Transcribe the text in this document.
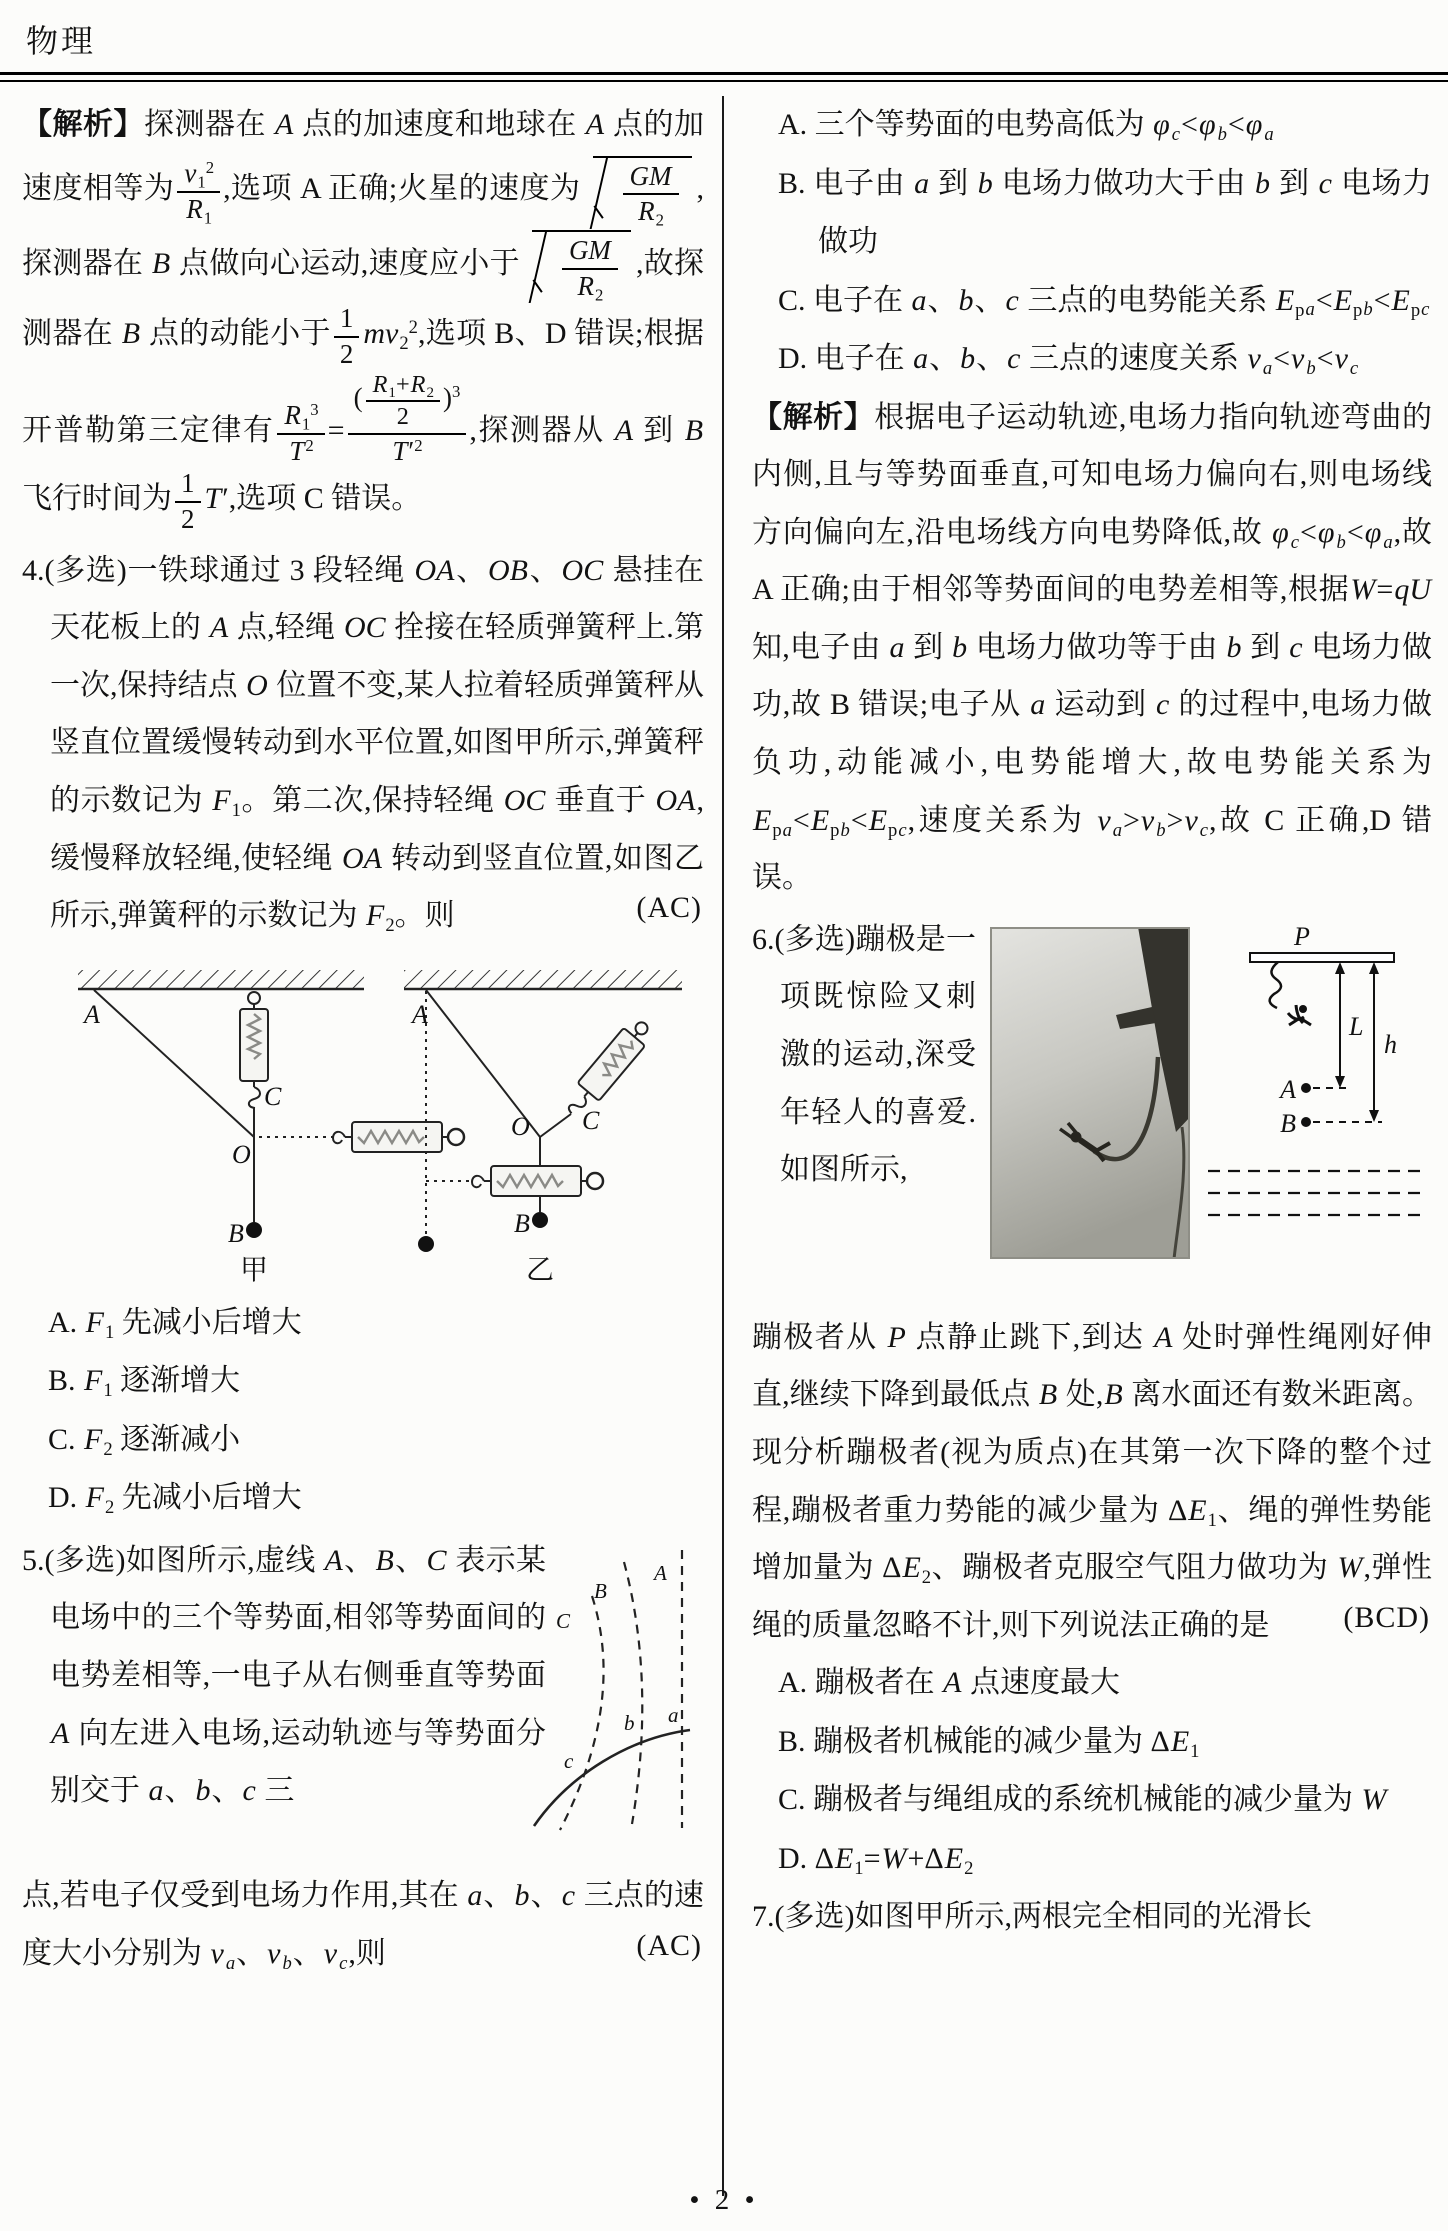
物理
【解析】探测器在 A 点的加速度和地球在 A 点的加速度相等为 $\frac{v_1^2}{R_1}$ ,选项 A 正确;火星的速度为 $\frac{GM}{R_2}$ ,探测器在 B 点做向心运动,速度应小于 $\frac{GM}{R_2}$ ,故探测器在 B 点的动能小于 $\frac{1}{2} mv_2^2$,选项 B、D 错误;根据开普勒第三定律有 $\frac{R_1^3}{T^2} = \frac{( \frac{R_1+R_2}{2} )^3}{T'^2}$ ,探测器从 A 到 B 飞行时间为 $\frac{1}{2} T'$,选项 C 错误。
4.(多选)一铁球通过 3 段轻绳 OA、OB、OC 悬挂在天花板上的 A 点,轻绳 OC 拴接在轻质弹簧秤上.第一次,保持结点 O 位置不变,某人拉着轻质弹簧秤从竖直位置缓慢转动到水平位置,如图甲所示,弹簧秤的示数记为 $F_1$。第二次,保持轻绳 OC 垂直于 OA,缓慢释放轻绳,使轻绳 OA 转动到竖直位置,如图乙所示,弹簧秤的示数记为 $F_2$。则	(AC)
A
C
O
B
甲
A
C
O
B
乙
A. $F_1$ 先减小后增大
B. $F_1$ 逐渐增大
C. $F_2$ 逐渐减小
D. $F_2$ 先减小后增大
A
B
C
a
b
c
5.(多选)如图所示,虚线 A、B、C 表示某电场中的三个等势面,相邻等势面间的电势差相等,一电子从右侧垂直等势面 A 向左进入电场,运动轨迹与等势面分别交于 a、b、c 三
点,若电子仅受到电场力作用,其在 a、b、c 三点的速度大小分别为 v $_a$、v $_b$、v $_c$,则	(AC)
A. 三个等势面的电势高低为 φ $_c$<φ $_b$<φ $_a$
B. 电子由 a 到 b 电场力做功大于由 b 到 c 电场力做功
C. 电子在 a、b、c 三点的电势能关系 $E_{pa}<E_{pb}<E_{pc}$
D. 电子在 a、b、c 三点的速度关系 v $_a$<v $_b$<v $_c$
【解析】根据电子运动轨迹,电场力指向轨迹弯曲的内侧,且与等势面垂直,可知电场力偏向右,则电场线方向偏向左,沿电场线方向电势降低,故 φ $_c$<φ $_b$<φ $_a$,故 A 正确;由于相邻等势面间的电势差相等,根据W=qU 知,电子由 a 到 b 电场力做功等于由 b 到 c 电场力做功,故 B 错误;电子从 a 运动到 c 的过程中,电场力做负功,动能减小,电势能增大,故电势能关系为$E_{pa}<E_{pb}<E_{pc}$,速度关系为 v $_a$>v $_b$>v $_c$,故 C 正确,D 错误。
P
L
h
A
B
6.(多选)蹦极是一项既惊险又刺激的运动,深受年轻人的喜爱.如图所示,
蹦极者从 P 点静止跳下,到达 A 处时弹性绳刚好伸直,继续下降到最低点 B 处,B 离水面还有数米距离。现分析蹦极者(视为质点)在其第一次下降的整个过程,蹦极者重力势能的减少量为 $\Delta E_1$、绳的弹性势能增加量为 $\Delta E_2$、蹦极者克服空气阻力做功为 W,弹性绳的质量忽略不计,则下列说法正确的是 (BCD)
A. 蹦极者在 A 点速度最大
B. 蹦极者机械能的减少量为 $\Delta E_1$
C. 蹦极者与绳组成的系统机械能的减少量为 W
D. $\Delta E_1=W+\Delta E_2$
7.(多选)如图甲所示,两根完全相同的光滑长
• 2 •
